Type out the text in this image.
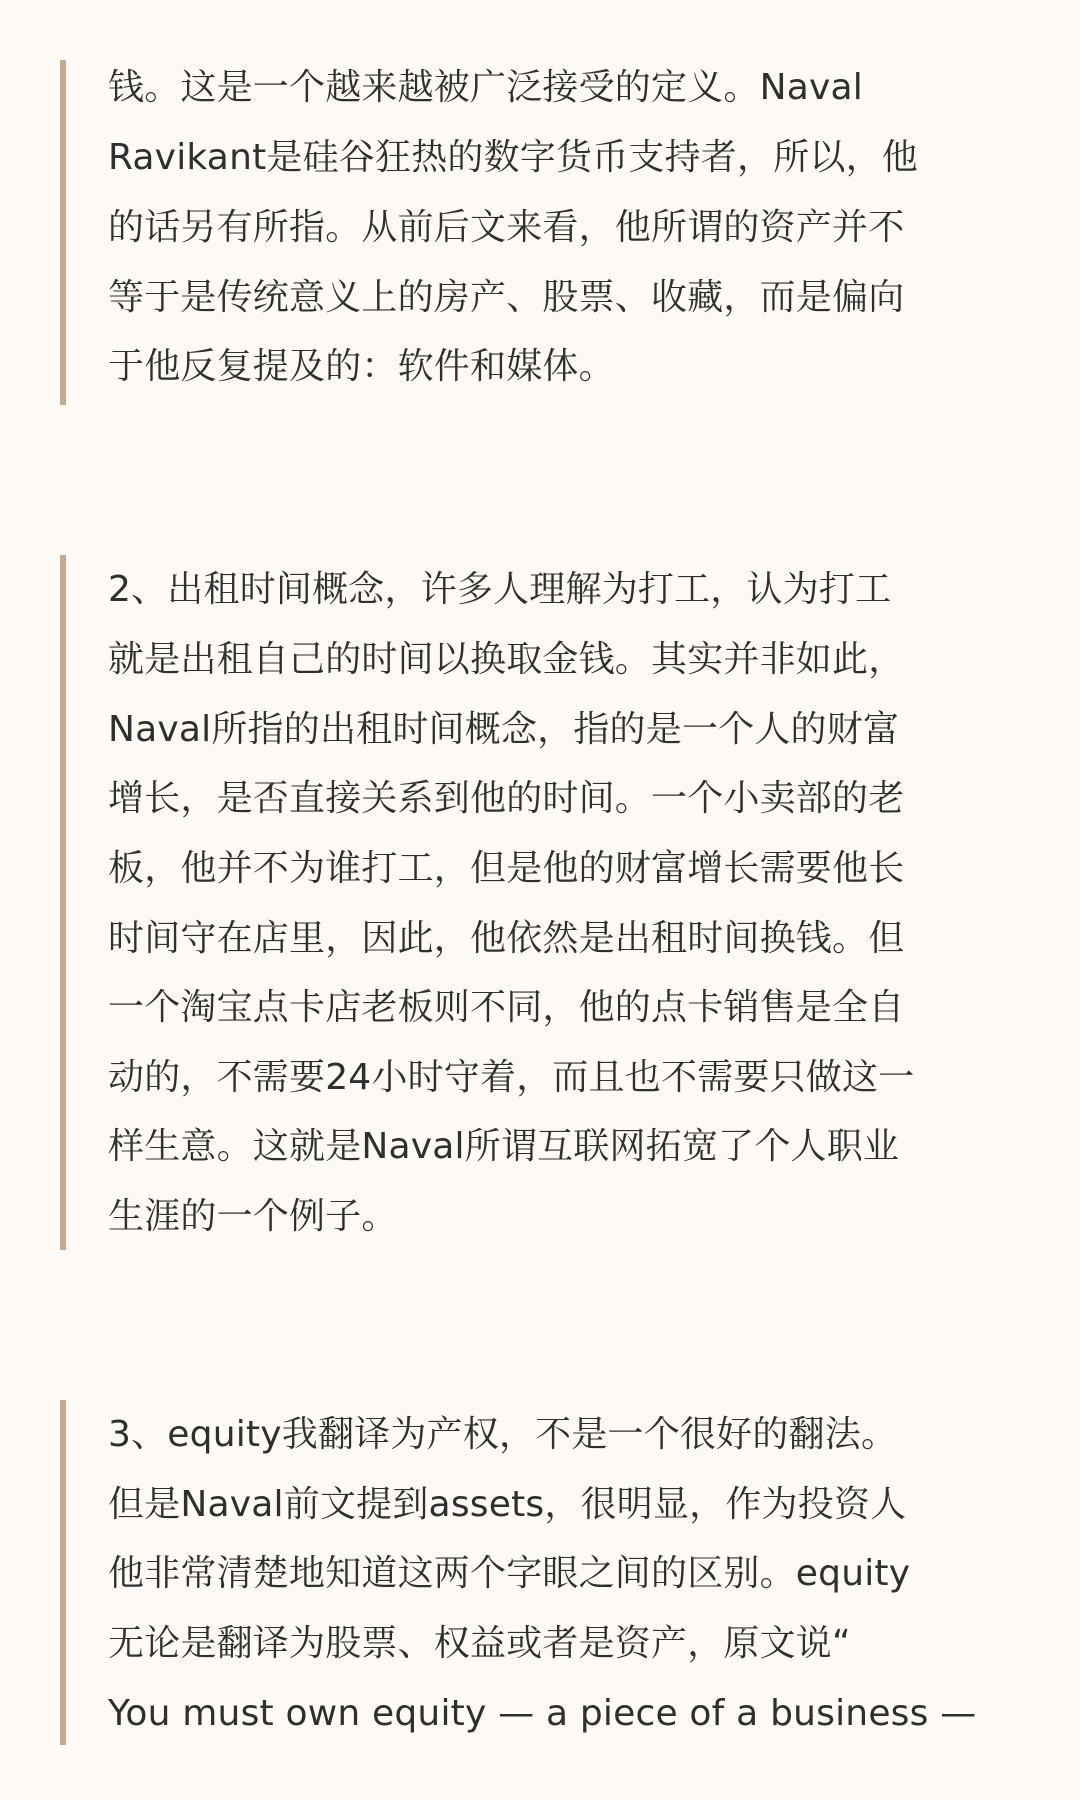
钱。这是一个越来越被广泛接受的定义。Naval
Ravikant是硅谷狂热的数字货币支持者，所以，他
的话另有所指。从前后文来看，他所谓的资产并不
等于是传统意义上的房产、股票、收藏，而是偏向
于他反复提及的：软件和媒体。
2、出租时间概念，许多人理解为打工，认为打工
就是出租自己的时间以换取金钱。其实并非如此，
Naval所指的出租时间概念，指的是一个人的财富
增长，是否直接关系到他的时间。一个小卖部的老
板，他并不为谁打工，但是他的财富增长需要他长
时间守在店里，因此，他依然是出租时间换钱。但
一个淘宝点卡店老板则不同，他的点卡销售是全自
动的，不需要24小时守着，而且也不需要只做这一
样生意。这就是Naval所谓互联网拓宽了个人职业
生涯的一个例子。
3、equity我翻译为产权，不是一个很好的翻法。
但是Naval前文提到assets，很明显，作为投资人
他非常清楚地知道这两个字眼之间的区别。equity
无论是翻译为股票、权益或者是资产，原文说“
You must own equity — a piece of a business —
